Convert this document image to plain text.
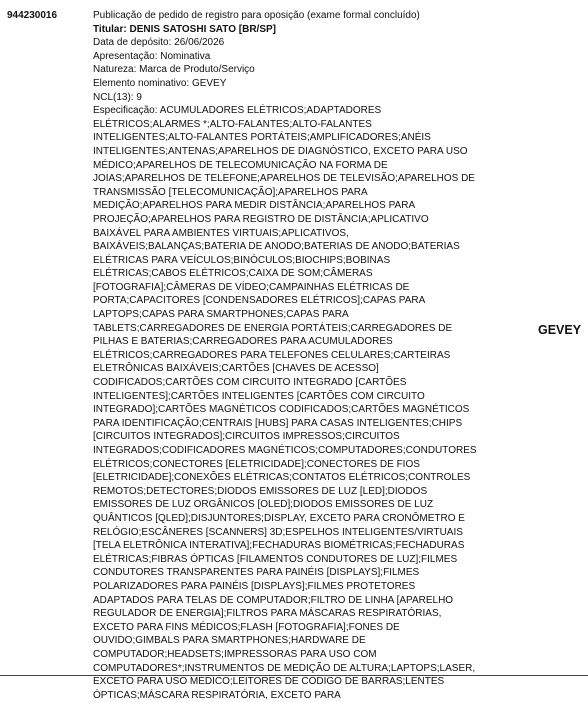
944230016	Publicação de pedido de registro para oposição (exame formal concluído)
Titular: DENIS SATOSHI SATO [BR/SP]
Data de depósito: 26/06/2026
Apresentação: Nominativa
Natureza: Marca de Produto/Serviço
Elemento nominativo: GEVEY
NCL(13): 9
Especificação: ACUMULADORES ELÉTRICOS;ADAPTADORES ELÉTRICOS;ALARMES *;ALTO-FALANTES;ALTO-FALANTES INTELIGENTES;ALTO-FALANTES PORTÁTEIS;AMPLIFICADORES;ANÉIS INTELIGENTES;ANTENAS;APARELHOS DE DIAGNÓSTICO, EXCETO PARA USO MÉDICO;APARELHOS DE TELECOMUNICAÇÃO NA FORMA DE JOIAS;APARELHOS DE TELEFONE;APARELHOS DE TELEVISÃO;APARELHOS DE TRANSMISSÃO [TELECOMUNICAÇÃO];APARELHOS PARA MEDIÇÃO;APARELHOS PARA MEDIR DISTÂNCIA;APARELHOS PARA PROJEÇÃO;APARELHOS PARA REGISTRO DE DISTÂNCIA;APLICATIVO BAIXÁVEL PARA AMBIENTES VIRTUAIS;APLICATIVOS, BAIXÁVEIS;BALANÇAS;BATERIA DE ANODO;BATERIAS DE ANODO;BATERIAS ELÉTRICAS PARA VEÍCULOS;BINÓCULOS;BIOCHIPS;BOBINAS ELÉTRICAS;CABOS ELÉTRICOS;CAIXA DE SOM;CÂMERAS [FOTOGRAFIA];CÂMERAS DE VÍDEO;CAMPAINHAS ELÉTRICAS DE PORTA;CAPACITORES [CONDENSADORES ELÉTRICOS];CAPAS PARA LAPTOPS;CAPAS PARA SMARTPHONES;CAPAS PARA TABLETS;CARREGADORES DE ENERGIA PORTÁTEIS;CARREGADORES DE PILHAS E BATERIAS;CARREGADORES PARA ACUMULADORES ELÉTRICOS;CARREGADORES PARA TELEFONES CELULARES;CARTEIRAS ELETRÔNICAS BAIXÁVEIS;CARTÕES [CHAVES DE ACESSO] CODIFICADOS;CARTÕES COM CIRCUITO INTEGRADO [CARTÕES INTELIGENTES];CARTÕES INTELIGENTES [CARTÕES COM CIRCUITO INTEGRADO];CARTÕES MAGNÉTICOS CODIFICADOS;CARTÕES MAGNÉTICOS PARA IDENTIFICAÇÃO;CENTRAIS [HUBS] PARA CASAS INTELIGENTES;CHIPS [CIRCUITOS INTEGRADOS];CIRCUITOS IMPRESSOS;CIRCUITOS INTEGRADOS;CODIFICADORES MAGNÉTICOS;COMPUTADORES;CONDUTORES ELÉTRICOS;CONECTORES [ELETRICIDADE];CONECTORES DE FIOS [ELETRICIDADE];CONEXÕES ELÉTRICAS;CONTATOS ELÉTRICOS;CONTROLES REMOTOS;DETECTORES;DIODOS EMISSORES DE LUZ [LED];DIODOS EMISSORES DE LUZ ORGÂNICOS [OLED];DIODOS EMISSORES DE LUZ QUÂNTICOS [QLED];DISJUNTORES;DISPLAY, EXCETO PARA CRONÔMETRO E RELÓGIO;ESCÂNERES [SCANNERS] 3D;ESPELHOS INTELIGENTES/VIRTUAIS [TELA ELETRÔNICA INTERATIVA];FECHADURAS BIOMÉTRICAS;FECHADURAS ELÉTRICAS;FIBRAS ÓPTICAS [FILAMENTOS CONDUTORES DE LUZ];FILMES CONDUTORES TRANSPARENTES PARA PAINÉIS [DISPLAYS];FILMES POLARIZADORES PARA PAINÉIS [DISPLAYS];FILMES PROTETORES ADAPTADOS PARA TELAS DE COMPUTADOR;FILTRO DE LINHA [APARELHO REGULADOR DE ENERGIA];FILTROS PARA MÁSCARAS RESPIRATÓRIAS, EXCETO PARA FINS MÉDICOS;FLASH [FOTOGRAFIA];FONES DE OUVIDO;GIMBALS PARA SMARTPHONES;HARDWARE DE COMPUTADOR;HEADSETS;IMPRESSORAS PARA USO COM COMPUTADORES*;INSTRUMENTOS DE MEDIÇÃO DE ALTURA;LAPTOPS;LASER, EXCETO PARA USO MÉDICO;LEITORES DE CÓDIGO DE BARRAS;LENTES ÓPTICAS;MÁSCARA RESPIRATÓRIA, EXCETO PARA
GEVEY
